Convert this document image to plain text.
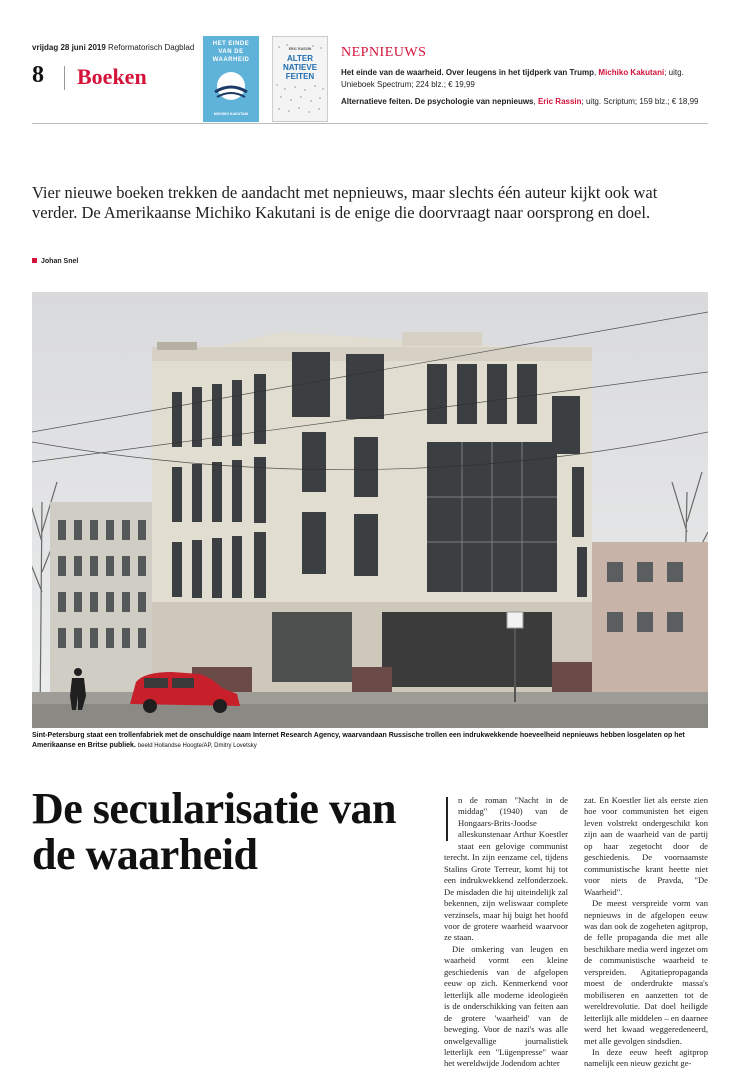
vrijdag 28 juni 2019 Reformatorisch Dagblad
8 Boeken
HET EINDE
VAN DE
WAARHEID
MICHIKO KAKUTANI
ERIC RASSIN
ALTER
NATIEVE
FEITEN
NEPNIEUWS
Het einde van de waarheid. Over leugens in het tijdperk van Trump, Michiko Kakutani; uitg. Unieboek Spectrum; 224 blz.; € 19,99
Alternatieve feiten. De psychologie van nepnieuws, Eric Rassin; uitg. Scriptum; 159 blz.; € 18,99
Vier nieuwe boeken trekken de aandacht met nepnieuws, maar slechts één auteur kijkt ook wat verder. De Amerikaanse Michiko Kakutani is de enige die doorvraagt naar oorsprong en doel.
Johan Snel
Sint-Petersburg staat een trollenfabriek met de onschuldige naam Internet Research Agency, waarvandaan Russische trollen een indrukwekkende hoeveelheid nepnieuws hebben losgelaten op het Amerikaanse en Britse publiek. beeld Hollandse Hoogte/AP, Dmitry Lovetsky
De secularisatie van de waarheid

n de roman "Nacht in de middag" (1940) van de Hongaars-Brits-Joodse alleskunstenaar Arthur Koestler staat een gelovige communist terecht. In zijn eenzame cel, tijdens Stalins Grote Terreur, komt hij tot een indrukwekkend zelfonderzoek. De misdaden die hij uiteindelijk zal bekennen, zijn weliswaar complete verzinsels, maar hij buigt het hoofd voor de grotere waarheid waarvoor ze staan.

Die omkering van leugen en waarheid vormt een kleine geschiedenis van de afgelopen eeuw op zich. Kenmerkend voor letterlijk alle moderne ideologieën is de onderschikking van feiten aan de grotere 'waarheid' van de beweging. Voor de nazi's was alle onwelgevallige journalistiek letterlijk een "Lügenpresse" waar het wereldwijde Jodendom achter

zat. En Koestler liet als eerste zien hoe voor communisten het eigen leven volstrekt ondergeschikt kon zijn aan de waarheid van de partij op haar zegetocht door de geschiedenis. De voornaamste communistische krant heette niet voor niets de Pravda, "De Waarheid".

De meest verspreide vorm van nepnieuws in de afgelopen eeuw was dan ook de zogeheten agitprop, de felle propaganda die met alle beschikbare media werd ingezet om de communistische waarheid te verspreiden. Agitatiepropaganda moest de onderdrukte massa's mobiliseren en aanzetten tot de wereldrevolutie. Dat doel heiligde letterlijk alle middelen – en daarnee werd het kwaad weggeredeneerd, met alle gevolgen sindsdien.

In deze eeuw heeft agitprop namelijk een nieuw gezicht ge-
